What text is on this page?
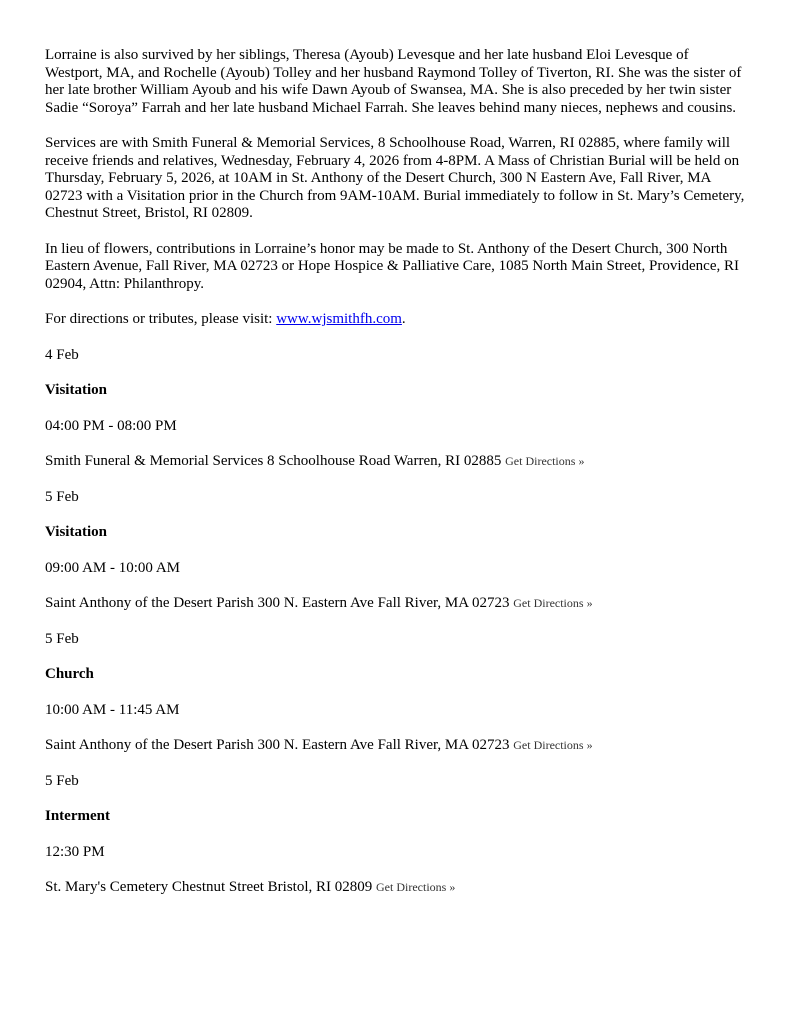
Lorraine is also survived by her siblings, Theresa (Ayoub) Levesque and her late husband Eloi Levesque of Westport, MA, and Rochelle (Ayoub) Tolley and her husband Raymond Tolley of Tiverton, RI. She was the sister of her late brother William Ayoub and his wife Dawn Ayoub of Swansea, MA. She is also preceded by her twin sister Sadie “Soroya” Farrah and her late husband Michael Farrah. She leaves behind many nieces, nephews and cousins.

Services are with Smith Funeral & Memorial Services, 8 Schoolhouse Road, Warren, RI 02885, where family will receive friends and relatives, Wednesday, February 4, 2026 from 4-8PM. A Mass of Christian Burial will be held on Thursday, February 5, 2026, at 10AM in St. Anthony of the Desert Church, 300 N Eastern Ave, Fall River, MA 02723 with a Visitation prior in the Church from 9AM-10AM. Burial immediately to follow in St. Mary’s Cemetery, Chestnut Street, Bristol, RI 02809.

In lieu of flowers, contributions in Lorraine’s honor may be made to St. Anthony of the Desert Church, 300 North Eastern Avenue, Fall River, MA 02723 or Hope Hospice & Palliative Care, 1085 North Main Street, Providence, RI 02904, Attn: Philanthropy.

For directions or tributes, please visit: www.wjsmithfh.com.

4 Feb

Visitation

04:00 PM - 08:00 PM

Smith Funeral & Memorial Services 8 Schoolhouse Road Warren, RI 02885 Get Directions »

5 Feb

Visitation

09:00 AM - 10:00 AM

Saint Anthony of the Desert Parish 300 N. Eastern Ave Fall River, MA 02723 Get Directions »

5 Feb

Church

10:00 AM - 11:45 AM

Saint Anthony of the Desert Parish 300 N. Eastern Ave Fall River, MA 02723 Get Directions »

5 Feb

Interment

12:30 PM

St. Mary's Cemetery Chestnut Street Bristol, RI 02809 Get Directions »
